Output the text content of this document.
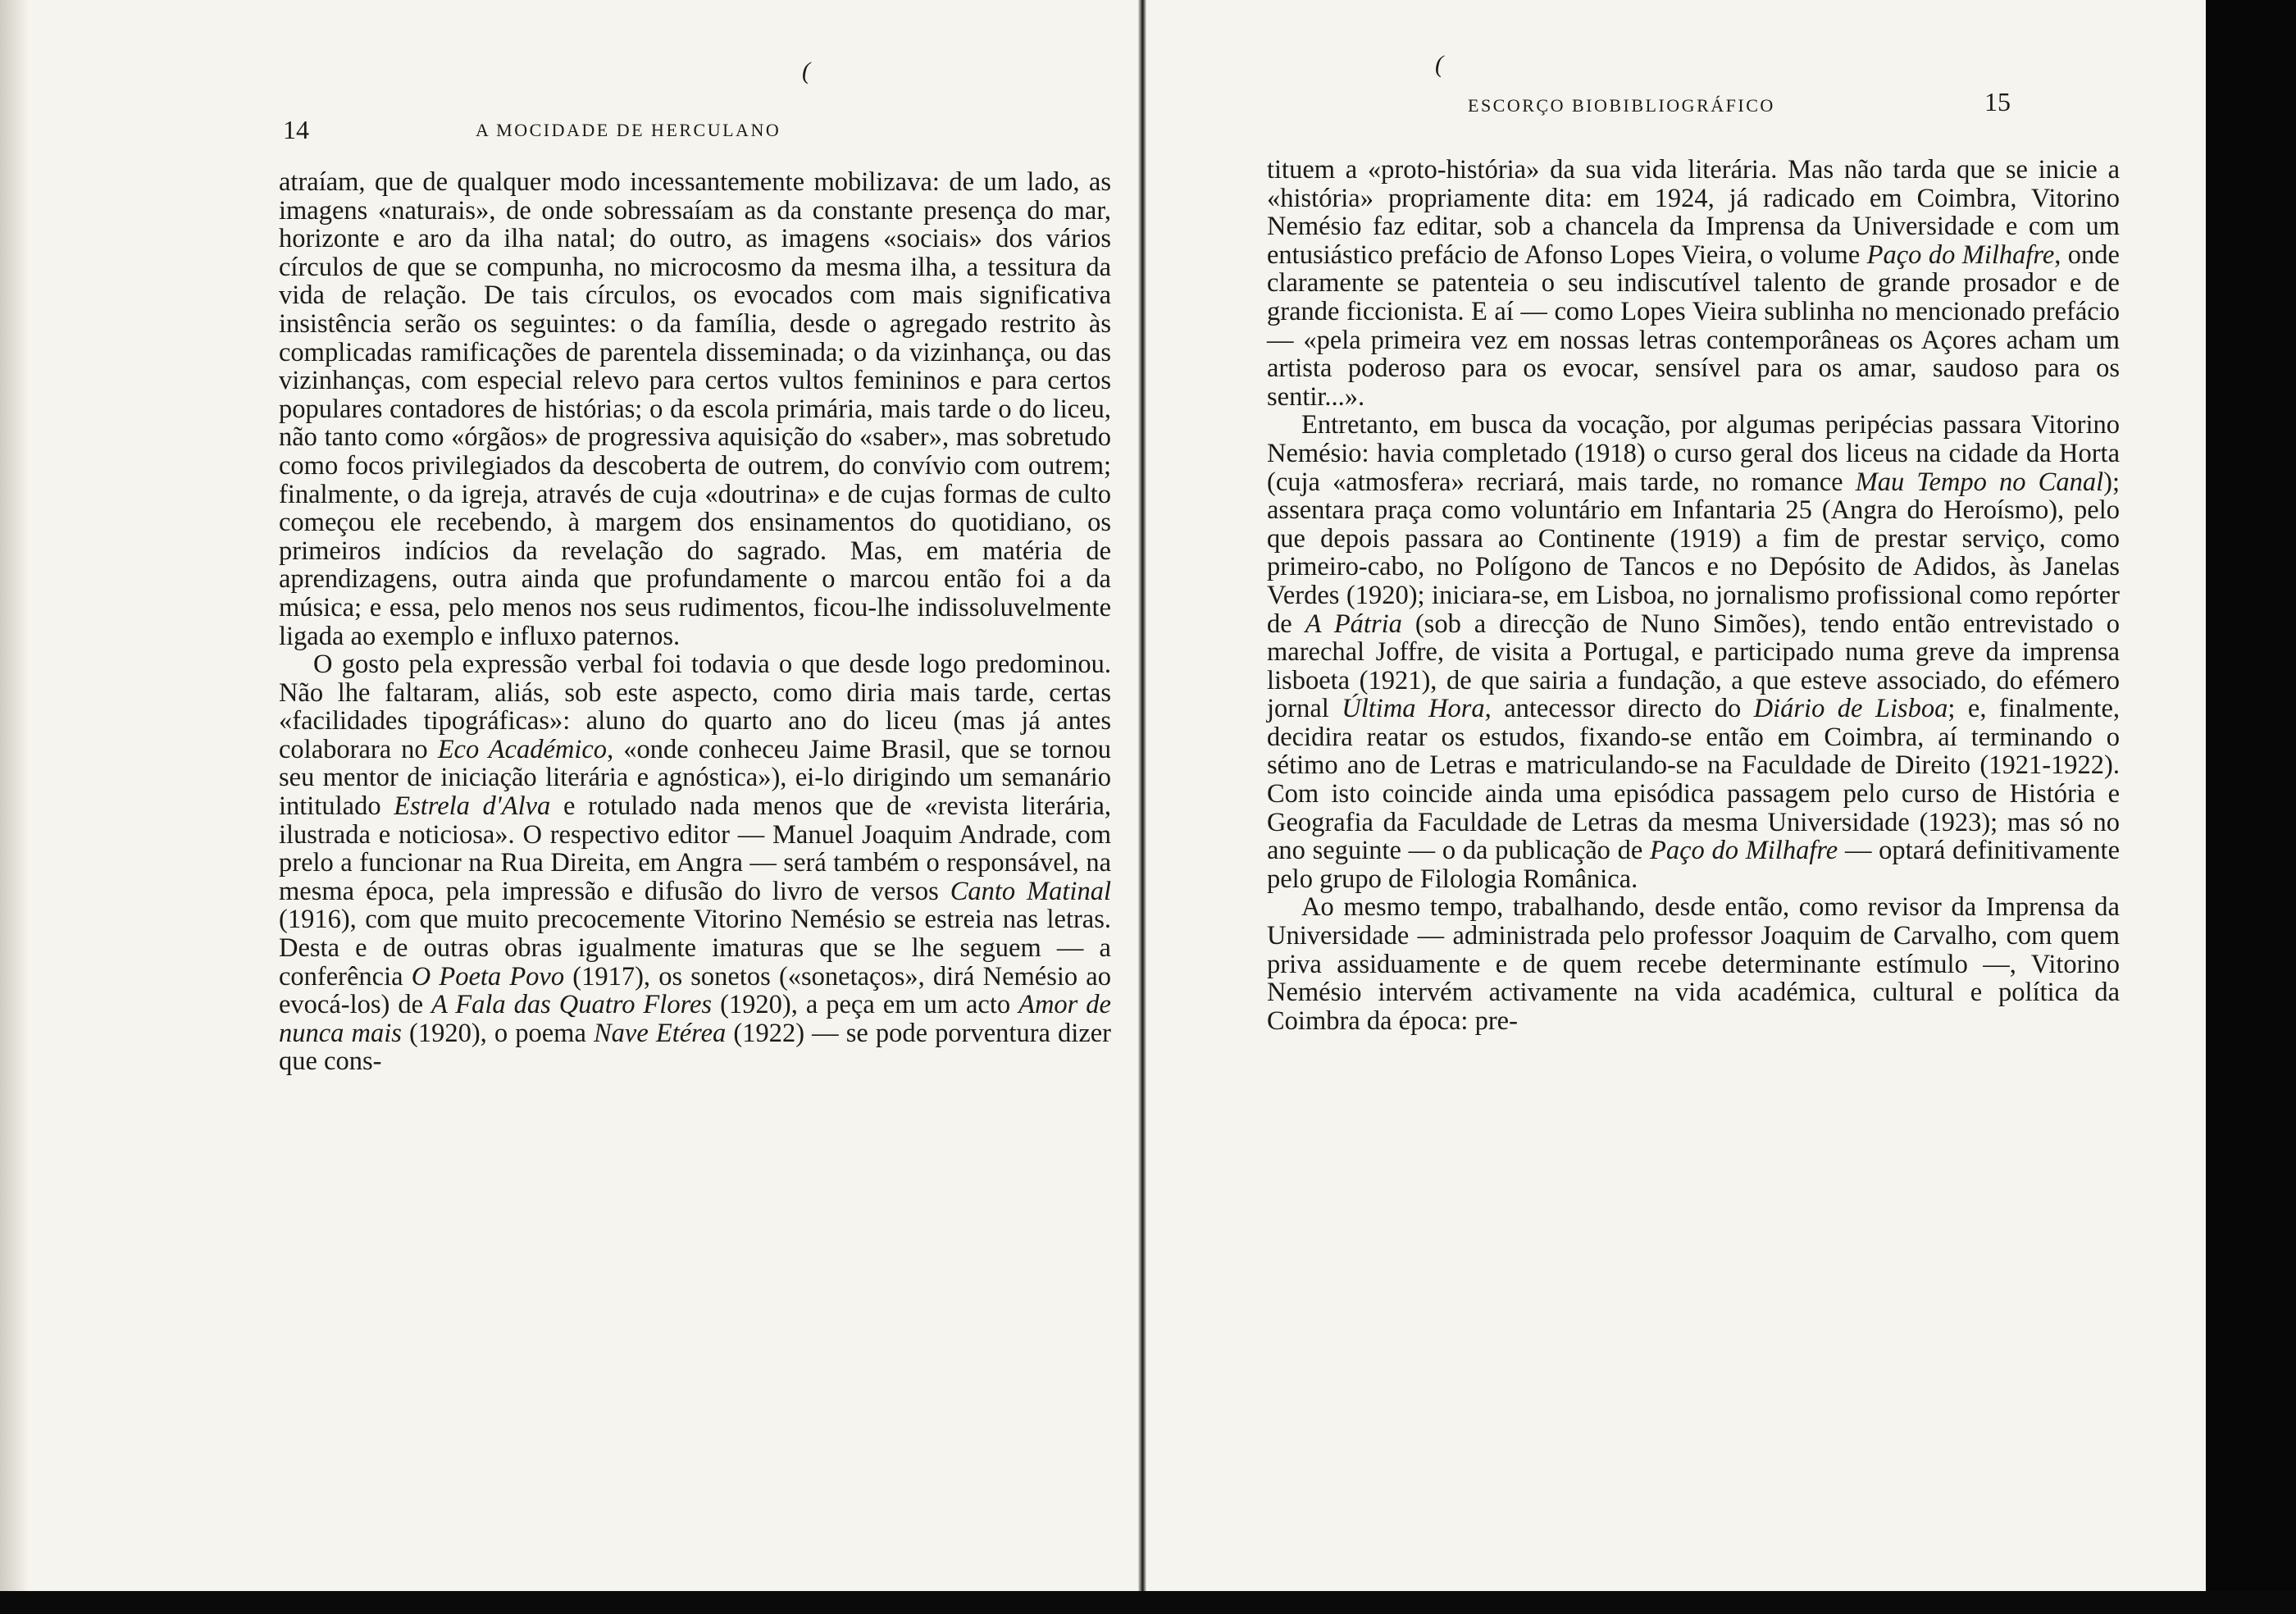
(
14	A MOCIDADE DE HERCULANO

atraíam, que de qualquer modo incessantemente mobilizava: de um lado, as imagens «naturais», de onde sobressaíam as da constante presença do mar, horizonte e aro da ilha natal; do outro, as imagens «sociais» dos vários círculos de que se compunha, no microcosmo da mesma ilha, a tessitura da vida de relação. De tais círculos, os evocados com mais significativa insistência serão os seguintes: o da família, desde o agregado restrito às complicadas ramificações de parentela disseminada; o da vizinhança, ou das vizinhanças, com especial relevo para certos vultos femininos e para certos populares contadores de histórias; o da escola primária, mais tarde o do liceu, não tanto como «órgãos» de progressiva aquisição do «saber», mas sobretudo como focos privilegiados da descoberta de outrem, do convívio com outrem; finalmente, o da igreja, através de cuja «doutrina» e de cujas formas de culto começou ele recebendo, à margem dos ensinamentos do quotidiano, os primeiros indícios da revelação do sagrado. Mas, em matéria de aprendizagens, outra ainda que profundamente o marcou então foi a da música; e essa, pelo menos nos seus rudimentos, ficou-lhe indissoluvelmente ligada ao exemplo e influxo paternos.

O gosto pela expressão verbal foi todavia o que desde logo predominou. Não lhe faltaram, aliás, sob este aspecto, como diria mais tarde, certas «facilidades tipográficas»: aluno do quarto ano do liceu (mas já antes colaborara no Eco Académico, «onde conheceu Jaime Brasil, que se tornou seu mentor de iniciação literária e agnóstica»), ei-lo dirigindo um semanário intitulado Estrela d'Alva e rotulado nada menos que de «revista literária, ilustrada e noticiosa». O respectivo editor — Manuel Joaquim Andrade, com prelo a funcionar na Rua Direita, em Angra — será também o responsável, na mesma época, pela impressão e difusão do livro de versos Canto Matinal (1916), com que muito precocemente Vitorino Nemésio se estreia nas letras. Desta e de outras obras igualmente imaturas que se lhe seguem — a conferência O Poeta Povo (1917), os sonetos («sonetaços», dirá Nemésio ao evocá-los) de A Fala das Quatro Flores (1920), a peça em um acto Amor de nunca mais (1920), o poema Nave Etérea (1922) — se pode porventura dizer que cons-

(
ESCORÇO BIOBIBLIOGRÁFICO	15

tituem a «proto-história» da sua vida literária. Mas não tarda que se inicie a «história» propriamente dita: em 1924, já radicado em Coimbra, Vitorino Nemésio faz editar, sob a chancela da Imprensa da Universidade e com um entusiástico prefácio de Afonso Lopes Vieira, o volume Paço do Milhafre, onde claramente se patenteia o seu indiscutível talento de grande prosador e de grande ficcionista. E aí — como Lopes Vieira sublinha no mencionado prefácio — «pela primeira vez em nossas letras contemporâneas os Açores acham um artista poderoso para os evocar, sensível para os amar, saudoso para os sentir...».

Entretanto, em busca da vocação, por algumas peripécias passara Vitorino Nemésio: havia completado (1918) o curso geral dos liceus na cidade da Horta (cuja «atmosfera» recriará, mais tarde, no romance Mau Tempo no Canal); assentara praça como voluntário em Infantaria 25 (Angra do Heroísmo), pelo que depois passara ao Continente (1919) a fim de prestar serviço, como primeiro-cabo, no Polígono de Tancos e no Depósito de Adidos, às Janelas Verdes (1920); iniciara-se, em Lisboa, no jornalismo profissional como repórter de A Pátria (sob a direcção de Nuno Simões), tendo então entrevistado o marechal Joffre, de visita a Portugal, e participado numa greve da imprensa lisboeta (1921), de que sairia a fundação, a que esteve associado, do efémero jornal Última Hora, antecessor directo do Diário de Lisboa; e, finalmente, decidira reatar os estudos, fixando-se então em Coimbra, aí terminando o sétimo ano de Letras e matriculando-se na Faculdade de Direito (1921-1922). Com isto coincide ainda uma episódica passagem pelo curso de História e Geografia da Faculdade de Letras da mesma Universidade (1923); mas só no ano seguinte — o da publicação de Paço do Milhafre — optará definitivamente pelo grupo de Filologia Românica.

Ao mesmo tempo, trabalhando, desde então, como revisor da Imprensa da Universidade — administrada pelo professor Joaquim de Carvalho, com quem priva assiduamente e de quem recebe determinante estímulo —, Vitorino Nemésio intervém activamente na vida académica, cultural e política da Coimbra da época: pre-
